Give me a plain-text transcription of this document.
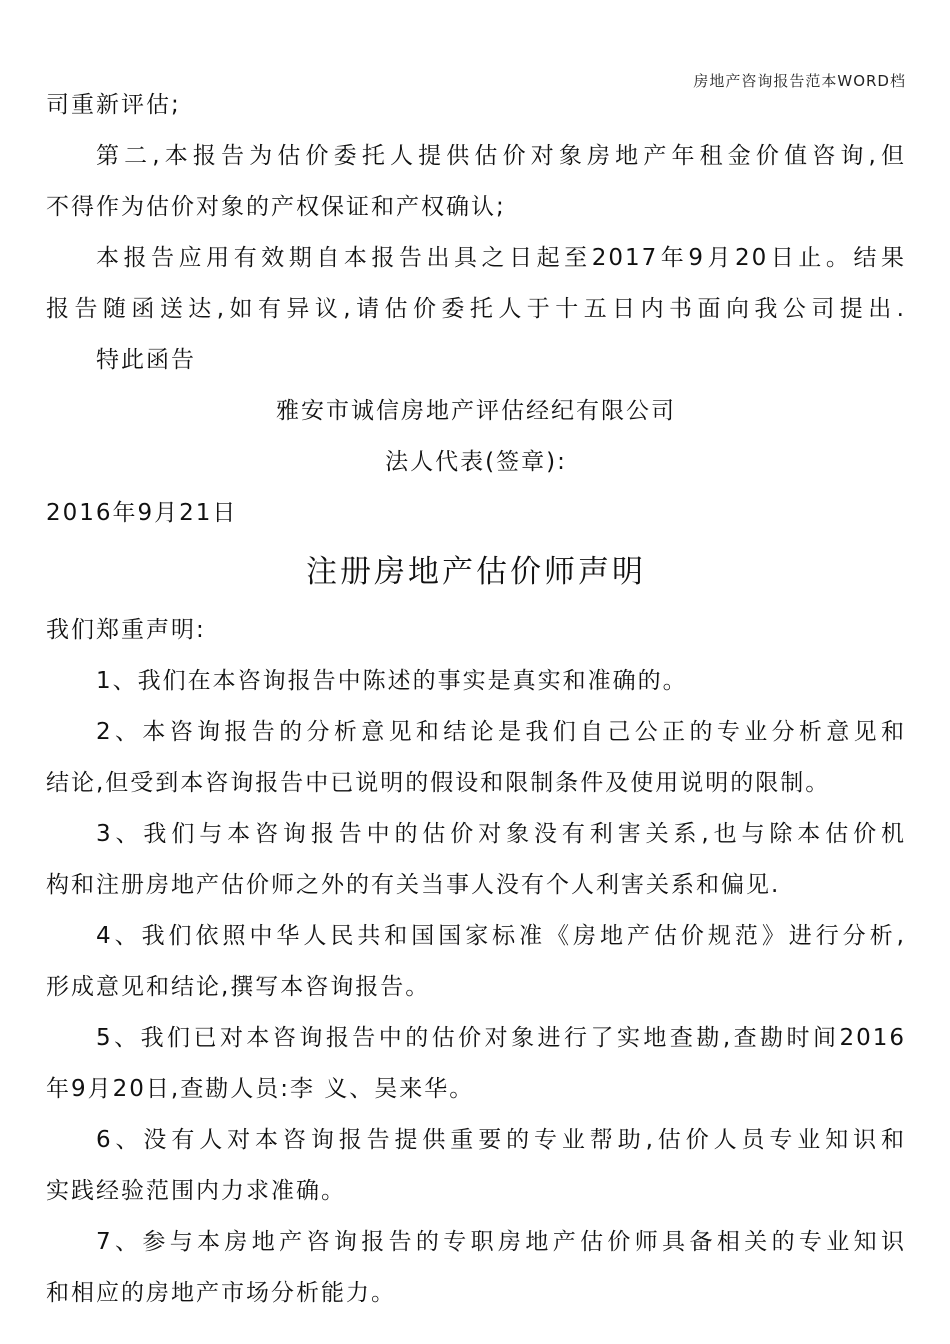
房地产咨询报告范本WORD档
司重新评估;
第二,本报告为估价委托人提供估价对象房地产年租金价值咨询,但
不得作为估价对象的产权保证和产权确认;
本报告应用有效期自本报告出具之日起至2017年9月20日止。结果
报告随函送达,如有异议,请估价委托人于十五日内书面向我公司提出.
特此函告
雅安市诚信房地产评估经纪有限公司
法人代表(签章):
2016年9月21日
注册房地产估价师声明
我们郑重声明:
1、我们在本咨询报告中陈述的事实是真实和准确的。
2、本咨询报告的分析意见和结论是我们自己公正的专业分析意见和
结论,但受到本咨询报告中已说明的假设和限制条件及使用说明的限制。
3、我们与本咨询报告中的估价对象没有利害关系,也与除本估价机
构和注册房地产估价师之外的有关当事人没有个人利害关系和偏见.
4、我们依照中华人民共和国国家标准《房地产估价规范》进行分析,
形成意见和结论,撰写本咨询报告。
5、我们已对本咨询报告中的估价对象进行了实地查勘,查勘时间2016
年9月20日,查勘人员:李 义、吴来华。
6、没有人对本咨询报告提供重要的专业帮助,估价人员专业知识和
实践经验范围内力求准确。
7、参与本房地产咨询报告的专职房地产估价师具备相关的专业知识
和相应的房地产市场分析能力。
